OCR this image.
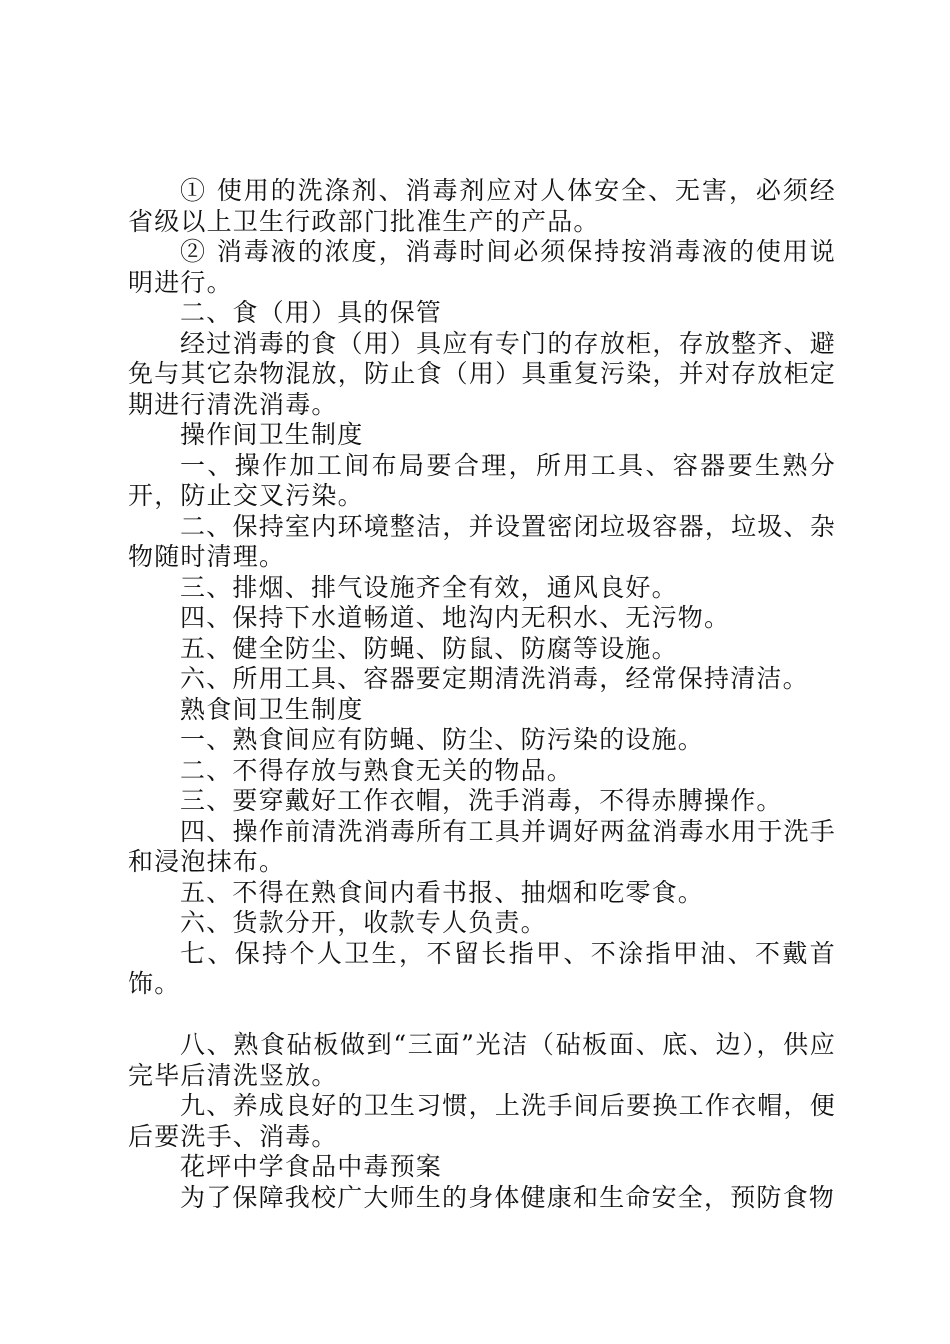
① 使用的洗涤剂、消毒剂应对人体安全、无害，必须经省级以上卫生行政部门批准生产的产品。

② 消毒液的浓度，消毒时间必须保持按消毒液的使用说明进行。

二、食（用）具的保管

经过消毒的食（用）具应有专门的存放柜，存放整齐、避免与其它杂物混放，防止食（用）具重复污染，并对存放柜定期进行清洗消毒。

操作间卫生制度

一、操作加工间布局要合理，所用工具、容器要生熟分开，防止交叉污染。

二、保持室内环境整洁，并设置密闭垃圾容器，垃圾、杂物随时清理。

三、排烟、排气设施齐全有效，通风良好。

四、保持下水道畅道、地沟内无积水、无污物。

五、健全防尘、防蝇、防鼠、防腐等设施。

六、所用工具、容器要定期清洗消毒，经常保持清洁。

熟食间卫生制度

一、熟食间应有防蝇、防尘、防污染的设施。

二、不得存放与熟食无关的物品。

三、要穿戴好工作衣帽，洗手消毒，不得赤膊操作。

四、操作前清洗消毒所有工具并调好两盆消毒水用于洗手和浸泡抹布。

五、不得在熟食间内看书报、抽烟和吃零食。

六、货款分开，收款专人负责。

七、保持个人卫生，不留长指甲、不涂指甲油、不戴首饰。

八、熟食砧板做到“三面”光洁（砧板面、底、边），供应完毕后清洗竖放。

九、养成良好的卫生习惯，上洗手间后要换工作衣帽，便后要洗手、消毒。

花坪中学食品中毒预案

为了保障我校广大师生的身体健康和生命安全，预防食物
